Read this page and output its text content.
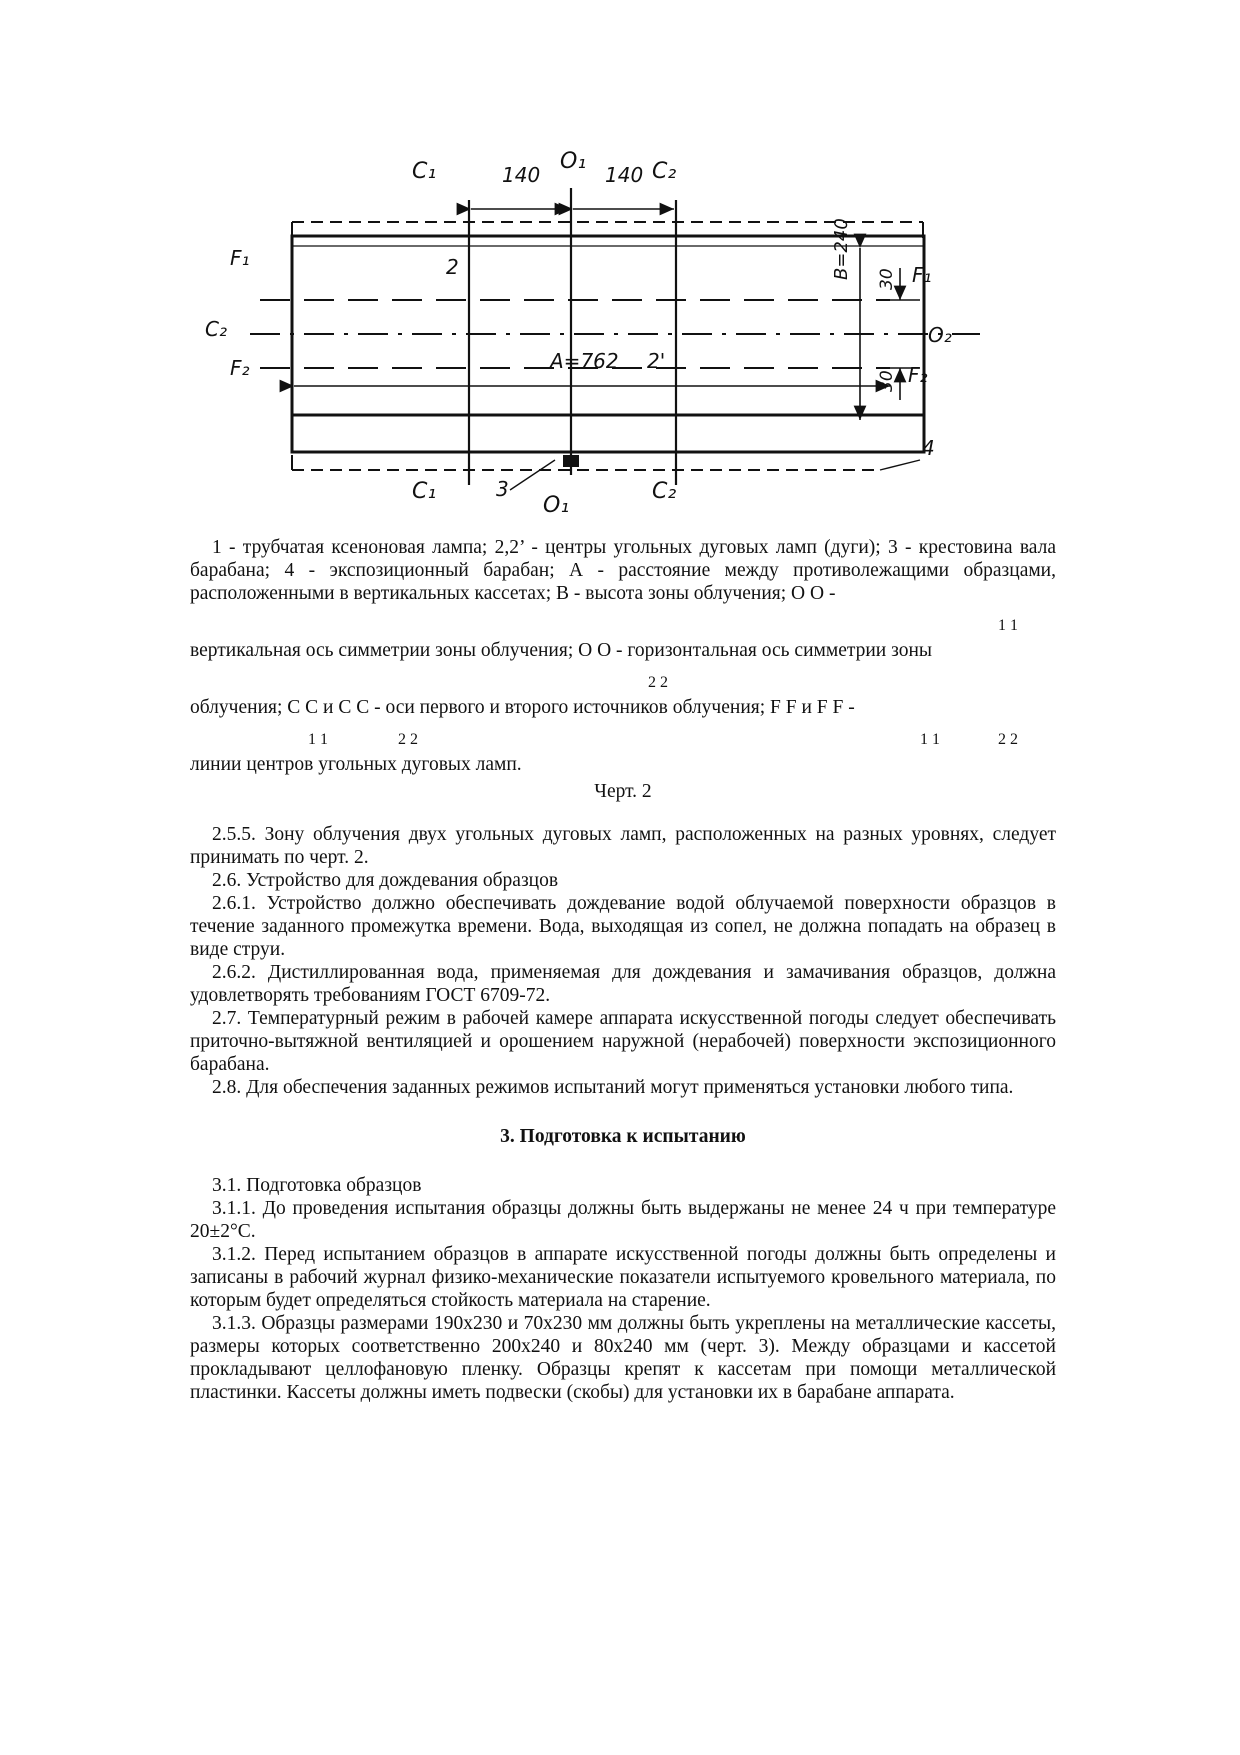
C₁	O₁	C₂
140	140
F₁
C₂
F₂
2
2'
B=240
A=762
30
30
F₁
O₂
F₂
4
3
C₁
O₁
C₂

1 - трубчатая ксеноновая лампа; 2,2’ - центры угольных дуговых ламп (дуги); 3 - крестовина вала барабана; 4 - экспозиционный барабан; А - расстояние между противолежащими образцами, расположенными в вертикальных кассетах; В - высота зоны облучения; О О -

1 1

вертикальная ось симметрии зоны облучения; О О - горизонтальная ось симметрии зоны

2 2

облучения; С С и С С - оси первого и второго источников облучения; F F и F F -

1 1	2 2	1 1	2 2

линии центров угольных дуговых ламп.

Черт. 2

2.5.5. Зону облучения двух угольных дуговых ламп, расположенных на разных уровнях, следует принимать по черт. 2.

2.6. Устройство для дождевания образцов

2.6.1. Устройство должно обеспечивать дождевание водой облучаемой поверхности образцов в течение заданного промежутка времени. Вода, выходящая из сопел, не должна попадать на образец в виде струи.

2.6.2. Дистиллированная вода, применяемая для дождевания и замачивания образцов, должна удовлетворять требованиям ГОСТ 6709-72.

2.7. Температурный режим в рабочей камере аппарата искусственной погоды следует обеспечивать приточно-вытяжной вентиляцией и орошением наружной (нерабочей) поверхности экспозиционного барабана.

2.8. Для обеспечения заданных режимов испытаний могут применяться установки любого типа.

3. Подготовка к испытанию

3.1. Подготовка образцов

3.1.1. До проведения испытания образцы должны быть выдержаны не менее 24 ч при температуре 20±2°С.

3.1.2. Перед испытанием образцов в аппарате искусственной погоды должны быть определены и записаны в рабочий журнал физико-механические показатели испытуемого кровельного материала, по которым будет определяться стойкость материала на старение.

3.1.3. Образцы размерами 190х230 и 70х230 мм должны быть укреплены на металлические кассеты, размеры которых соответственно 200х240 и 80х240 мм (черт. 3). Между образцами и кассетой прокладывают целлофановую пленку. Образцы крепят к кассетам при помощи металлической пластинки. Кассеты должны иметь подвески (скобы) для установки их в барабане аппарата.
